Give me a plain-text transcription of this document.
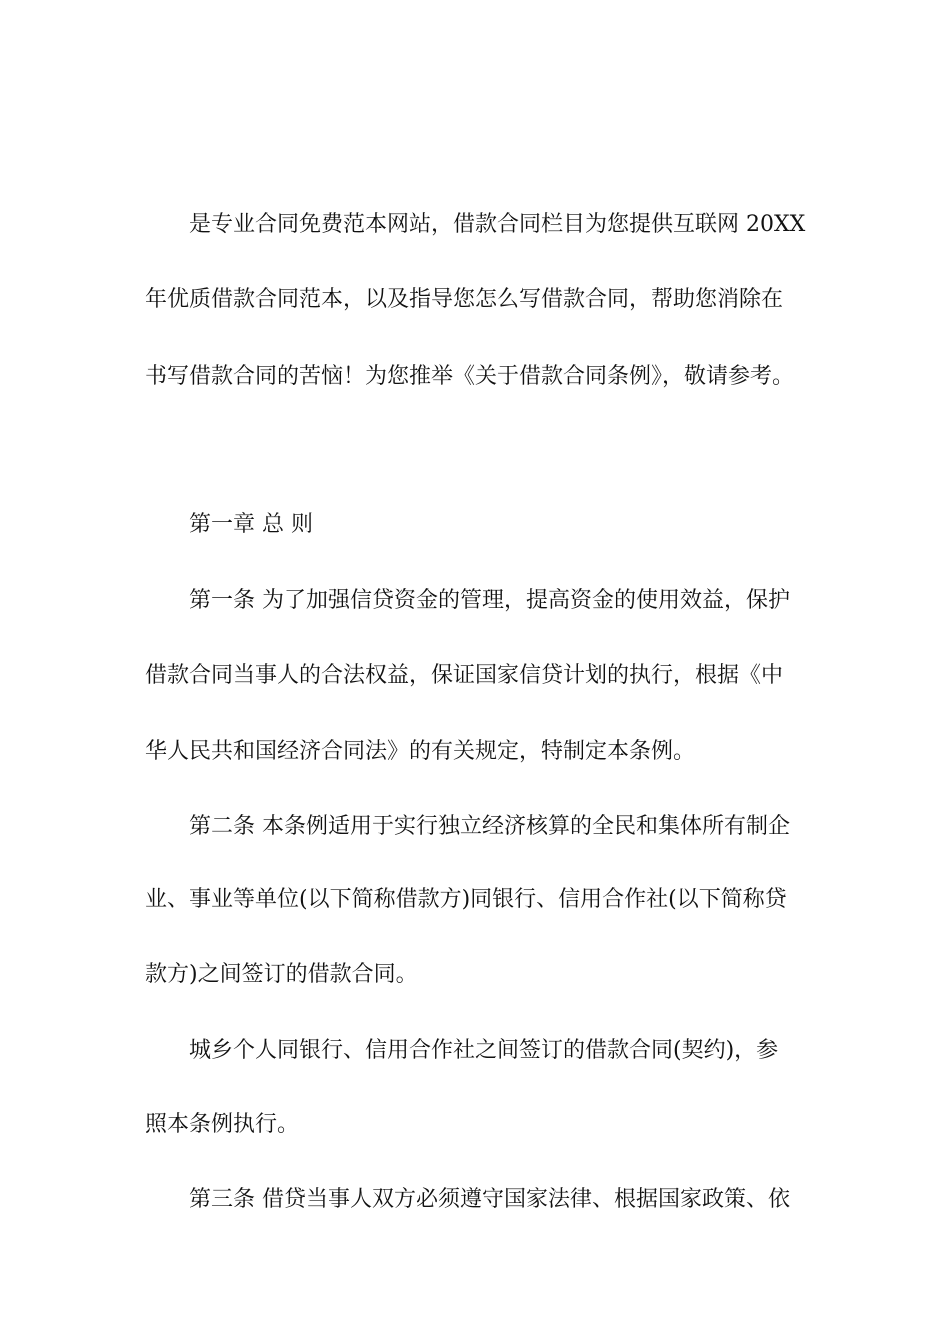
是专业合同免费范本网站，借款合同栏目为您提供互联网 20XX
年优质借款合同范本，以及指导您怎么写借款合同，帮助您消除在
书写借款合同的苦恼！为您推举《关于借款合同条例》，敬请参考。
第一章 总 则
第一条 为了加强信贷资金的管理，提高资金的使用效益，保护
借款合同当事人的合法权益，保证国家信贷计划的执行，根据《中
华人民共和国经济合同法》的有关规定，特制定本条例。
第二条 本条例适用于实行独立经济核算的全民和集体所有制企
业、事业等单位(以下简称借款方)同银行、信用合作社(以下简称贷
款方)之间签订的借款合同。
城乡个人同银行、信用合作社之间签订的借款合同(契约)，参
照本条例执行。
第三条 借贷当事人双方必须遵守国家法律、根据国家政策、依
